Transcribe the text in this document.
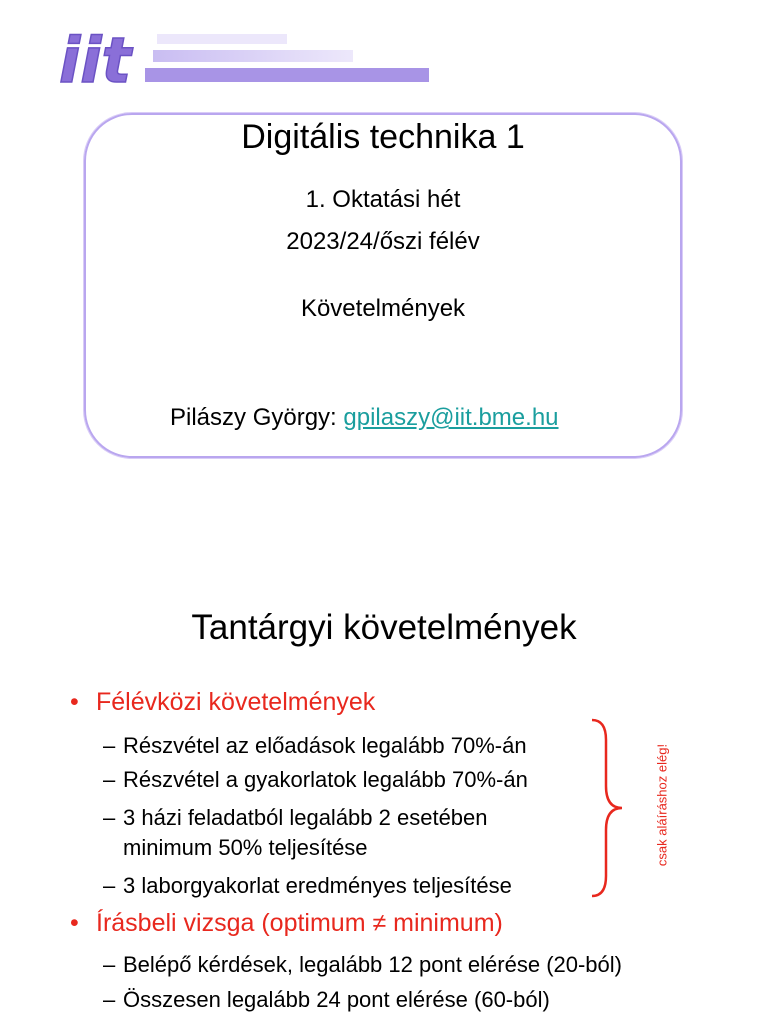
iit
Digitális technika 1
1. Oktatási hét
2023/24/őszi félév
Követelmények
Pilászy György: gpilaszy@iit.bme.hu
Tantárgyi követelmények
• Félévközi követelmények
– Részvétel az előadások legalább 70%-án
– Részvétel a gyakorlatok legalább 70%-án
– 3 házi feladatból legalább 2 esetében
minimum 50% teljesítése
– 3 laborgyakorlat eredményes teljesítése
csak aláíráshoz elég!
• Írásbeli vizsga (optimum ≠ minimum)
– Belépő kérdések, legalább 12 pont elérése (20-ból)
– Összesen legalább 24 pont elérése (60-ból)
